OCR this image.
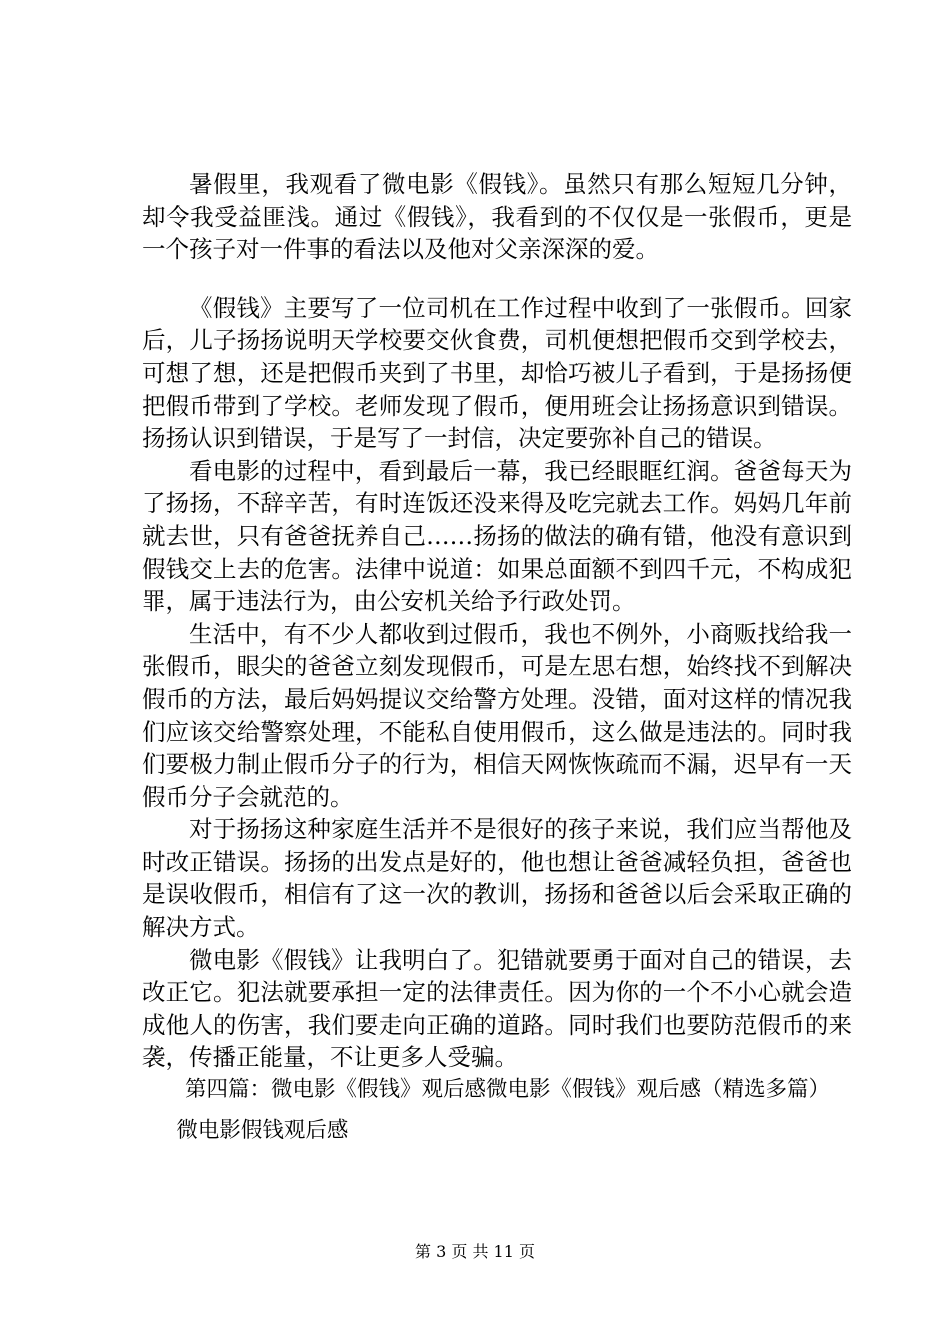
暑假里，我观看了微电影《假钱》。虽然只有那么短短几分钟，却令我受益匪浅。通过《假钱》，我看到的不仅仅是一张假币，更是一个孩子对一件事的看法以及他对父亲深深的爱。

《假钱》主要写了一位司机在工作过程中收到了一张假币。回家后，儿子扬扬说明天学校要交伙食费，司机便想把假币交到学校去，可想了想，还是把假币夹到了书里，却恰巧被儿子看到，于是扬扬便把假币带到了学校。老师发现了假币，便用班会让扬扬意识到错误。扬扬认识到错误，于是写了一封信，决定要弥补自己的错误。

看电影的过程中，看到最后一幕，我已经眼眶红润。爸爸每天为了扬扬，不辞辛苦，有时连饭还没来得及吃完就去工作。妈妈几年前就去世，只有爸爸抚养自己……扬扬的做法的确有错，他没有意识到假钱交上去的危害。法律中说道：如果总面额不到四千元，不构成犯罪，属于违法行为，由公安机关给予行政处罚。

生活中，有不少人都收到过假币，我也不例外，小商贩找给我一张假币，眼尖的爸爸立刻发现假币，可是左思右想，始终找不到解决假币的方法，最后妈妈提议交给警方处理。没错，面对这样的情况我们应该交给警察处理，不能私自使用假币，这么做是违法的。同时我们要极力制止假币分子的行为，相信天网恢恢疏而不漏，迟早有一天假币分子会就范的。

对于扬扬这种家庭生活并不是很好的孩子来说，我们应当帮他及时改正错误。扬扬的出发点是好的，他也想让爸爸减轻负担，爸爸也是误收假币，相信有了这一次的教训，扬扬和爸爸以后会采取正确的解决方式。

微电影《假钱》让我明白了。犯错就要勇于面对自己的错误，去改正它。犯法就要承担一定的法律责任。因为你的一个不小心就会造成他人的伤害，我们要走向正确的道路。同时我们也要防范假币的来袭，传播正能量，不让更多人受骗。

第四篇：微电影《假钱》观后感微电影《假钱》观后感（精选多篇）

微电影假钱观后感

第 3 页 共 11 页
